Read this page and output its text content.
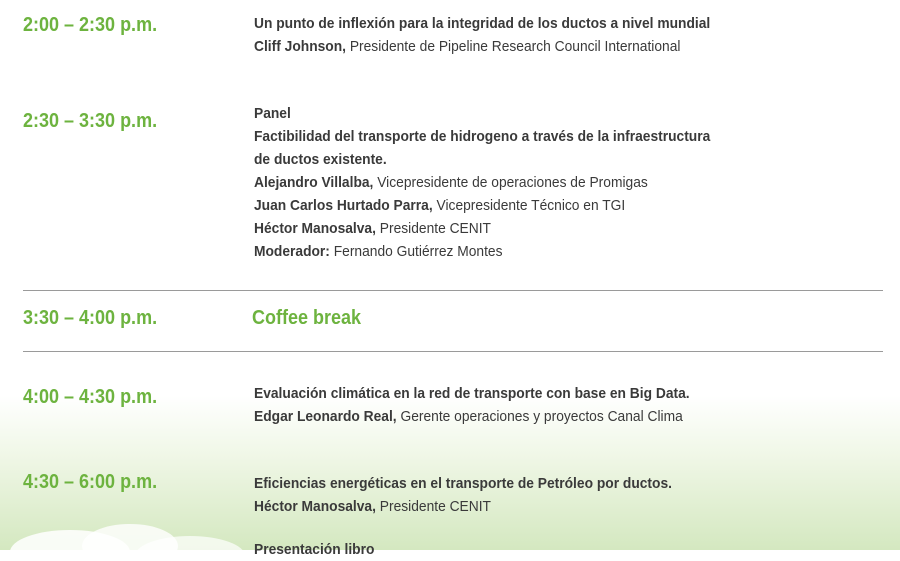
2:00 – 2:30 p.m.	Un punto de inflexión para la integridad de los ductos a nivel mundial
Cliff Johnson, Presidente de Pipeline Research Council International
2:30 – 3:30 p.m.	Panel
Factibilidad del transporte de hidrogeno a través de la infraestructura
de ductos existente.
Alejandro Villalba, Vicepresidente de operaciones de Promigas
Juan Carlos Hurtado Parra, Vicepresidente Técnico en TGI
Héctor Manosalva, Presidente CENIT
Moderador: Fernando Gutiérrez Montes
3:30 – 4:00 p.m.	Coffee break
4:00 – 4:30 p.m.	Evaluación climática en la red de transporte con base en Big Data.
Edgar Leonardo Real, Gerente operaciones y proyectos Canal Clima
4:30 – 6:00 p.m.	Eficiencias energéticas en el transporte de Petróleo por ductos.
Héctor Manosalva, Presidente CENIT
Presentación libro
